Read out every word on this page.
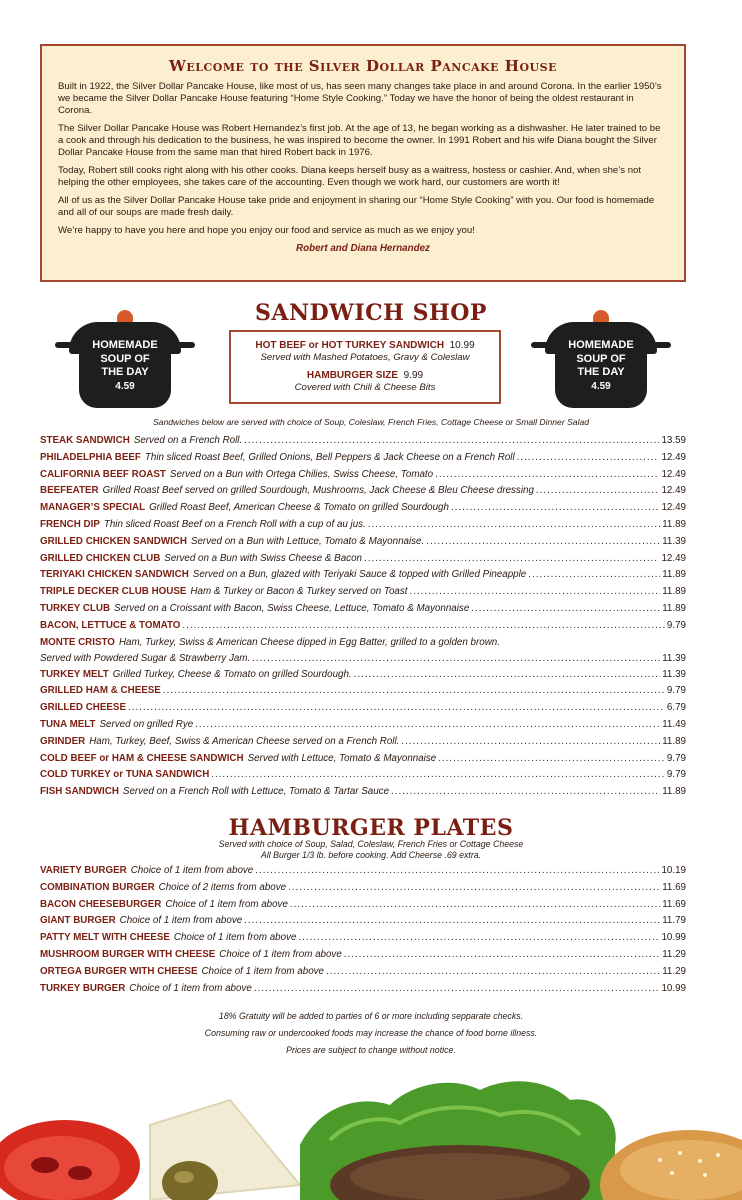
Welcome to the Silver Dollar Pancake House

Built in 1922, the Silver Dollar Pancake House, like most of us, has seen many changes take place in and around Corona. In the earlier 1950’s we became the Silver Dollar Pancake House featuring “Home Style Cooking.” Today we have the honor of being the oldest restaurant in Corona.

The Silver Dollar Pancake House was Robert Hernandez’s first job. At the age of 13, he began working as a dishwasher. He later trained to be a cook and through his dedication to the business, he was inspired to become the owner. In 1991 Robert and his wife Diana bought the Silver Dollar Pancake House from the same man that hired Robert back in 1976.

Today, Robert still cooks right along with his other cooks. Diana keeps herself busy as a waitress, hostess or cashier. And, when she’s not helping the other employees, she takes care of the accounting. Even though we work hard, our customers are worth it!

All of us as the Silver Dollar Pancake House take pride and enjoyment in sharing our “Home Style Cooking” with you. Our food is homemade and all of our soups are made fresh daily.

We’re happy to have you here and hope you enjoy our food and service as much as we enjoy you!

Robert and Diana Hernandez
SANDWICH SHOP
HOMEMADE
SOUP OF
THE DAY
4.59
HOMEMADE
SOUP OF
THE DAY
4.59
HOT BEEF or HOT TURKEY SANDWICH 10.99
Served with Mashed Potatoes, Gravy & Coleslaw
HAMBURGER SIZE 9.99
Covered with Chili & Cheese Bits
Sandwiches below are served with choice of Soup, Coleslaw, French Fries, Cottage Cheese or Small Dinner Salad
STEAK SANDWICH Served on a French Roll. .....	13.59
PHILADELPHIA BEEF Thin sliced Roast Beef, Grilled Onions, Bell Peppers & Jack Cheese on a French Roll .....	12.49
CALIFORNIA BEEF ROAST Served on a Bun with Ortega Chilies, Swiss Cheese, Tomato .....	12.49
BEEFEATER Grilled Roast Beef served on grilled Sourdough, Mushrooms, Jack Cheese & Bleu Cheese dressing .....	12.49
MANAGER’S SPECIAL Grilled Roast Beef, American Cheese & Tomato on grilled Sourdough .....	12.49
FRENCH DIP Thin sliced Roast Beef on a French Roll with a cup of au jus. .....	11.89
GRILLED CHICKEN SANDWICH Served on a Bun with Lettuce, Tomato & Mayonnaise. .....	11.39
GRILLED CHICKEN CLUB Served on a Bun with Swiss Cheese & Bacon .....	12.49
TERIYAKI CHICKEN SANDWICH Served on a Bun, glazed with Teriyaki Sauce & topped with Grilled Pineapple .....	11.89
TRIPLE DECKER CLUB HOUSE Ham & Turkey or Bacon & Turkey served on Toast .....	11.89
TURKEY CLUB Served on a Croissant with Bacon, Swiss Cheese, Lettuce, Tomato & Mayonnaise .....	11.89
BACON, LETTUCE & TOMATO .....	9.79
MONTE CRISTO Ham, Turkey, Swiss & American Cheese dipped in Egg Batter, grilled to a golden brown.
Served with Powdered Sugar & Strawberry Jam. .....	11.39
TURKEY MELT Grilled Turkey, Cheese & Tomato on grilled Sourdough. .....	11.39
GRILLED HAM & CHEESE .....	9.79
GRILLED CHEESE .....	6.79
TUNA MELT Served on grilled Rye .....	11.49
GRINDER Ham, Turkey, Beef, Swiss & American Cheese served on a French Roll. .....	11.89
COLD BEEF or HAM & CHEESE SANDWICH Served with Lettuce, Tomato & Mayonnaise .....	9.79
COLD TURKEY or TUNA SANDWICH .....	9.79
FISH SANDWICH Served on a French Roll with Lettuce, Tomato & Tartar Sauce .....	11.89
HAMBURGER PLATES
Served with choice of Soup, Salad, Coleslaw, French Fries or Cottage Cheese
All Burger 1/3 lb. before cooking. Add Cheerse .69 extra.
VARIETY BURGER Choice of 1 item from above .....	10.19
COMBINATION BURGER Choice of 2 items from above .....	11.69
BACON CHEESEBURGER Choice of 1 item from above .....	11.69
GIANT BURGER Choice of 1 item from above .....	11.79
PATTY MELT WITH CHEESE Choice of 1 item from above .....	10.99
MUSHROOM BURGER WITH CHEESE Choice of 1 item from above .....	11.29
ORTEGA BURGER WITH CHEESE Choice of 1 item from above .....	11.29
TURKEY BURGER Choice of 1 item from above .....	10.99
18% Gratuity will be added to parties of 6 or more including sepparate checks.
Consuming raw or undercooked foods may increase the chance of food borne illness.
Prices are subject to change without notice.
